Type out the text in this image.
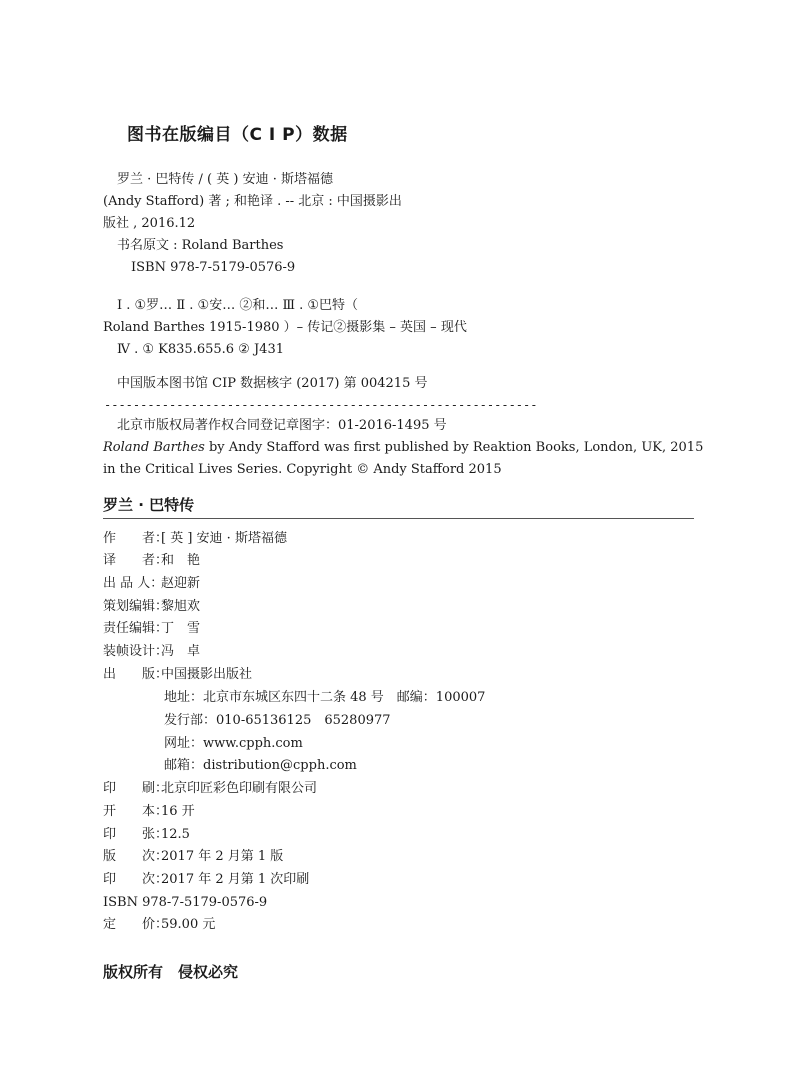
图书在版编目（C I P）数据
罗兰 · 巴特传 / ( 英 ) 安迪 · 斯塔福德
(Andy Stafford) 著 ; 和艳译 . -- 北京 : 中国摄影出
版社 , 2016.12
书名原文 : Roland Barthes
ISBN 978-7-5179-0576-9
Ⅰ . ①罗… Ⅱ . ①安… ②和… Ⅲ . ①巴特（
Roland Barthes 1915-1980 ）– 传记②摄影集 – 英国 – 现代
Ⅳ . ① K835.655.6 ② J431
中国版本图书馆 CIP 数据核字 (2017) 第 004215 号
------------------------------------------------------------
北京市版权局著作权合同登记章图字：01-2016-1495 号
Roland Barthes by Andy Stafford was first published by Reaktion Books, London, UK, 2015
in the Critical Lives Series. Copyright © Andy Stafford 2015
罗兰 · 巴特传
作　　者：[ 英 ] 安迪 · 斯塔福德
译　　者：和　艳
出 品 人：赵迎新
策划编辑：黎旭欢
责任编辑：丁　雪
装帧设计：冯　卓
出　　版：中国摄影出版社
地址：北京市东城区东四十二条 48 号　邮编：100007
发行部：010-65136125　65280977
网址：www.cpph.com
邮箱：distribution@cpph.com
印　　刷：北京印匠彩色印刷有限公司
开　　本：16 开
印　　张：12.5
版　　次：2017 年 2 月第 1 版
印　　次：2017 年 2 月第 1 次印刷
ISBN 978-7-5179-0576-9
定　　价：59.00 元
版权所有　侵权必究
